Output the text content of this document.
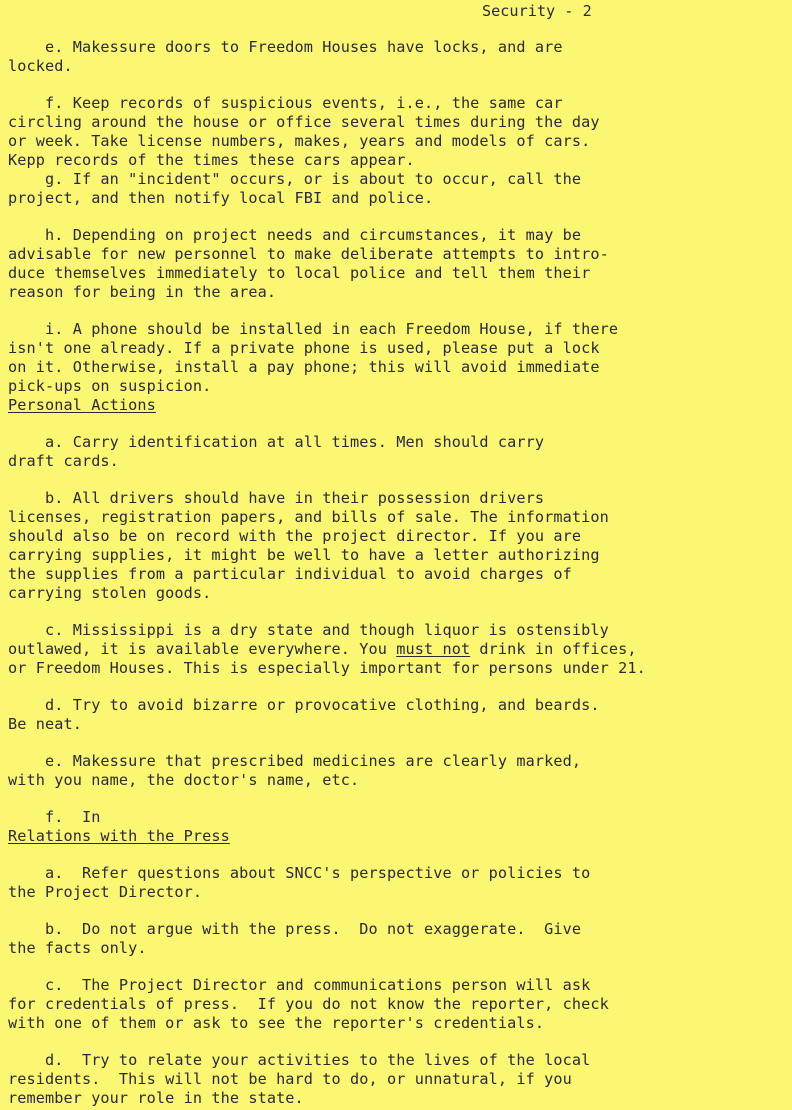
Security - 2
e. Makessure doors to Freedom Houses have locks, and are
locked.
f. Keep records of suspicious events, i.e., the same car
circling around the house or office several times during the day
or week. Take license numbers, makes, years and models of cars.
Kepp records of the times these cars appear.
g. If an "incident" occurs, or is about to occur, call the
project, and then notify local FBI and police.
h. Depending on project needs and circumstances, it may be
advisable for new personnel to make deliberate attempts to intro-
duce themselves immediately to local police and tell them their
reason for being in the area.
i. A phone should be installed in each Freedom House, if there
isn't one already. If a private phone is used, please put a lock
on it. Otherwise, install a pay phone; this will avoid immediate
pick-ups on suspicion.
Personal Actions
a. Carry identification at all times. Men should carry
draft cards.
b. All drivers should have in their possession drivers
licenses, registration papers, and bills of sale. The information
should also be on record with the project director. If you are
carrying supplies, it might be well to have a letter authorizing
the supplies from a particular individual to avoid charges of
carrying stolen goods.
c. Mississippi is a dry state and though liquor is ostensibly
outlawed, it is available everywhere. You must not drink in offices,
or Freedom Houses. This is especially important for persons under 21.
d. Try to avoid bizarre or provocative clothing, and beards.
Be neat.
e. Makessure that prescribed medicines are clearly marked,
with you name, the doctor's name, etc.
f.  In
Relations with the Press
a.  Refer questions about SNCC's perspective or policies to
the Project Director.
b.  Do not argue with the press.  Do not exaggerate.  Give
the facts only.
c.  The Project Director and communications person will ask
for credentials of press.  If you do not know the reporter, check
with one of them or ask to see the reporter's credentials.
d.  Try to relate your activities to the lives of the local
residents.  This will not be hard to do, or unnatural, if you
remember your role in the state.
